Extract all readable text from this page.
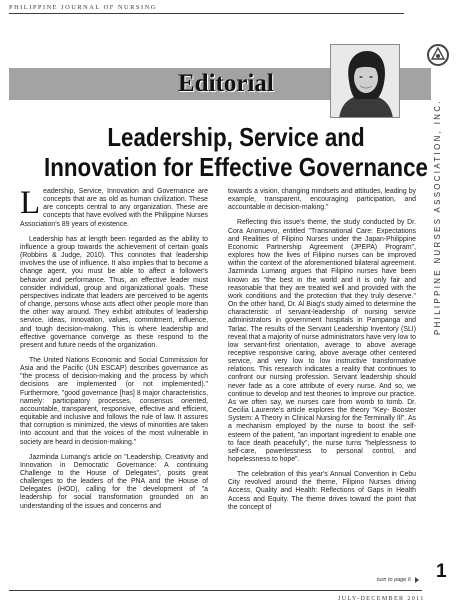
PHILIPPINE JOURNAL OF NURSING
Editorial
PHILIPPINE NURSES ASSOCIATION, INC.
Leadership, Service and
Innovation for Effective Governance

Leadership, Service, Innovation and Governance are concepts that are as old as human civilization. These are concepts central to any organization. These are concepts that have evolved with the Philippine Nurses Association's 89 years of existence.

Leadership has at length been regarded as the ability to influence a group towards the achievement of certain goals (Robbins & Judge, 2010). This connotes that leadership involves the use of influence. It also implies that to become a change agent, you must be able to affect a follower's behavior and performance. Thus, an effective leader must consider individual, group and organizational goals. These perspectives indicate that leaders are perceived to be agents of change, persons whose acts affect other people more than the other way around. They exhibit attributes of leadership service, ideas, innovation, values, commitment, influence, and tough decision-making. This is where leadership and effective governance converge as these respond to the present and future needs of the organization.

The United Nations Economic and Social Commission for Asia and the Pacific (UN ESCAP) describes governance as "the process of decision-making and the process by which decisions are implemented (or not implemented)." Furthermore, "good governance [has] 8 major characteristics, namely: participatory processes, consensus oriented, accountable, transparent, responsive, effective and efficient, equitable and inclusive and follows the rule of law. It assures that corruption is minimized, the views of minorities are taken into account and that the voices of the most vulnerable in society are heard in decision-making."

Jazminda Lumang's article on "Leadership, Creativity and Innovation in Democratic Governance: A continuing Challenge to the House of Delegates", posits great challenges to the leaders of the PNA and the House of Delegates (HOD), calling for the development of "a leadership for social transformation grounded on an understanding of the issues and concerns and

towards a vision, changing mindsets and attitudes, leading by example, transparent, encouraging participation, and accountable in decision-making."

Reflecting this issue's theme, the study conducted by Dr. Cora Anonuevo, entitled "Transnational Care: Expectations and Realities of Filipino Nurses under the Japan-Philippine Economic Partnership Agreement (JPEPA) Program", explores how the lives of Filipino nurses can be improved within the context of the aforementioned bilateral agreement. Jazminda Lumang argues that Filipino nurses have been known as "the best in the world and it is only fair and reasonable that they are treated well and provided with the work conditions and the protection that they truly deserve." On the other hand, Dr. Al Biag's study aimed to determine the characteristic of servant-leadership of nursing service administrators in government hospitals in Pampanga and Tarlac. The results of the Servant Leadership Inventory (SLI) reveal that a majority of nurse administrators have very low to low servant-first orientation, average to above average receptive responsive caring, above average other centered service, and very low to low instructive transformative relations. This research indicates a reality that continues to confront our nursing profession. Servant leadership should never fade as a core attribute of every nurse. And so, we continue to develop and test theories to improve our practice. As we often say, we nurses care from womb to tomb. Dr. Cecilia Laurente's article explores the theory "Key- Booster System: A Theory in Clinical Nursing for the Terminally Ill". As a mechanism employed by the nurse to boost the self-esteem of the patient, "an important ingredient to enable one to face death peacefully", the nurse turns "helplessness to self-care, powerlessness to personal control, and hopelessness to hope".

The celebration of this year's Annual Convention in Cebu City revolved around the theme, Filipino Nurses driving Access, Quality and Health: Reflections of Gaps in Health Access and Equity. The theme drives toward the point that the concept of

turn to page 6 1
JULY-DECEMBER 2011
